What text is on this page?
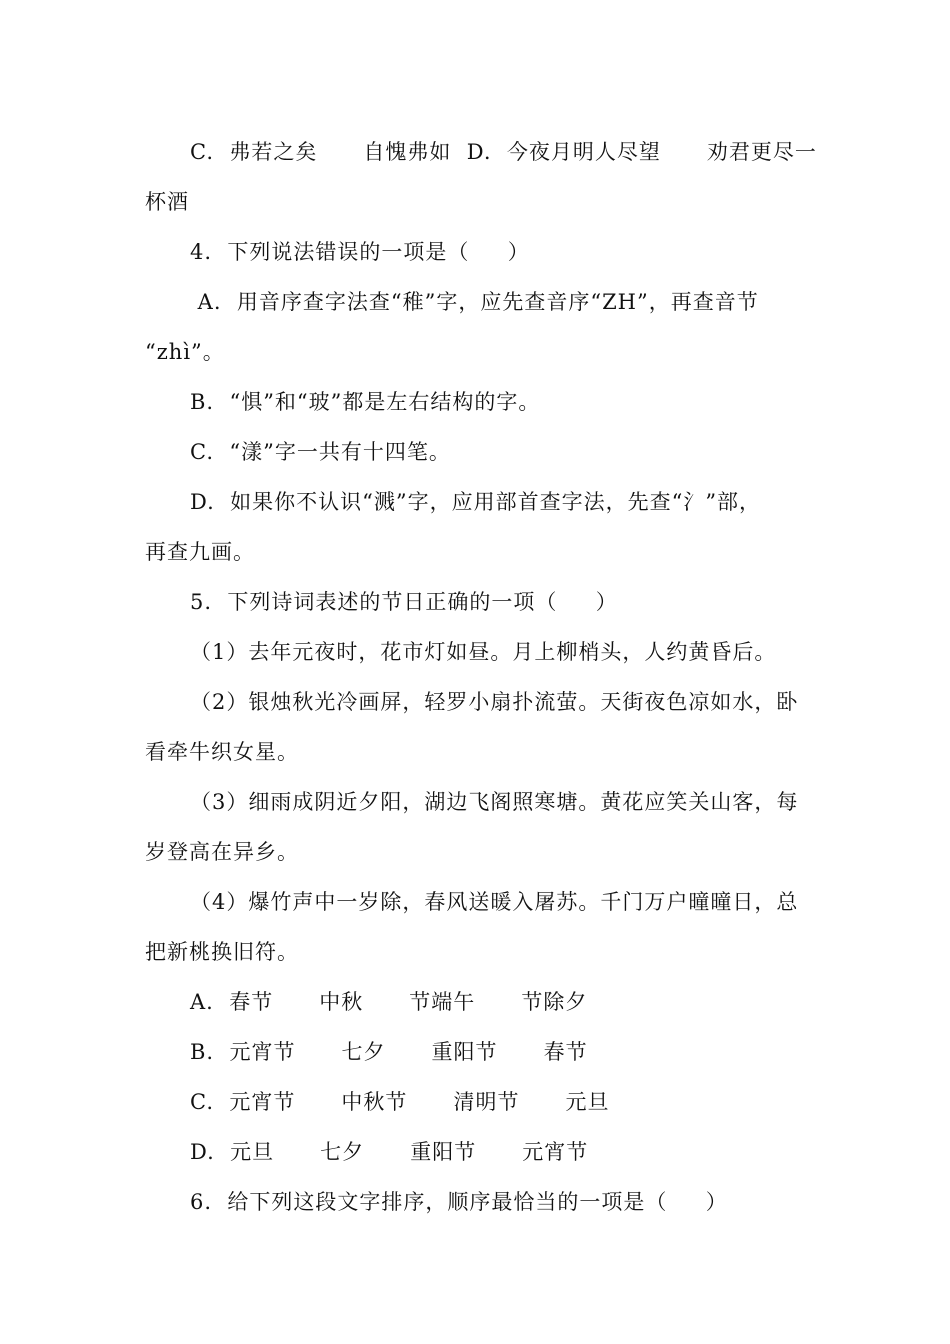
C.  弗若之矣      自愧弗如  D.  今夜月明人尽望      劝君更尽一
杯酒
4.  下列说法错误的一项是（     ）
A.  用音序查字法查“稚”字，应先查音序“ZH”，再查音节
“zhì”。
B.  “惧”和“玻”都是左右结构的字。
C.  “漾”字一共有十四笔。
D.  如果你不认识“溅”字，应用部首查字法，先查“氵”部，
再查九画。
5.  下列诗词表述的节日正确的一项（     ）
（1）去年元夜时，花市灯如昼。月上柳梢头，人约黄昏后。
（2）银烛秋光冷画屏，轻罗小扇扑流萤。天街夜色凉如水，卧
看牵牛织女星。
（3）细雨成阴近夕阳，湖边飞阁照寒塘。黄花应笑关山客，每
岁登高在异乡。
（4）爆竹声中一岁除，春风送暖入屠苏。千门万户曈曈日，总
把新桃换旧符。
A.  春节      中秋      节端午      节除夕
B.  元宵节      七夕      重阳节      春节
C.  元宵节      中秋节      清明节      元旦
D.  元旦      七夕      重阳节      元宵节
6.  给下列这段文字排序，顺序最恰当的一项是（     ）
